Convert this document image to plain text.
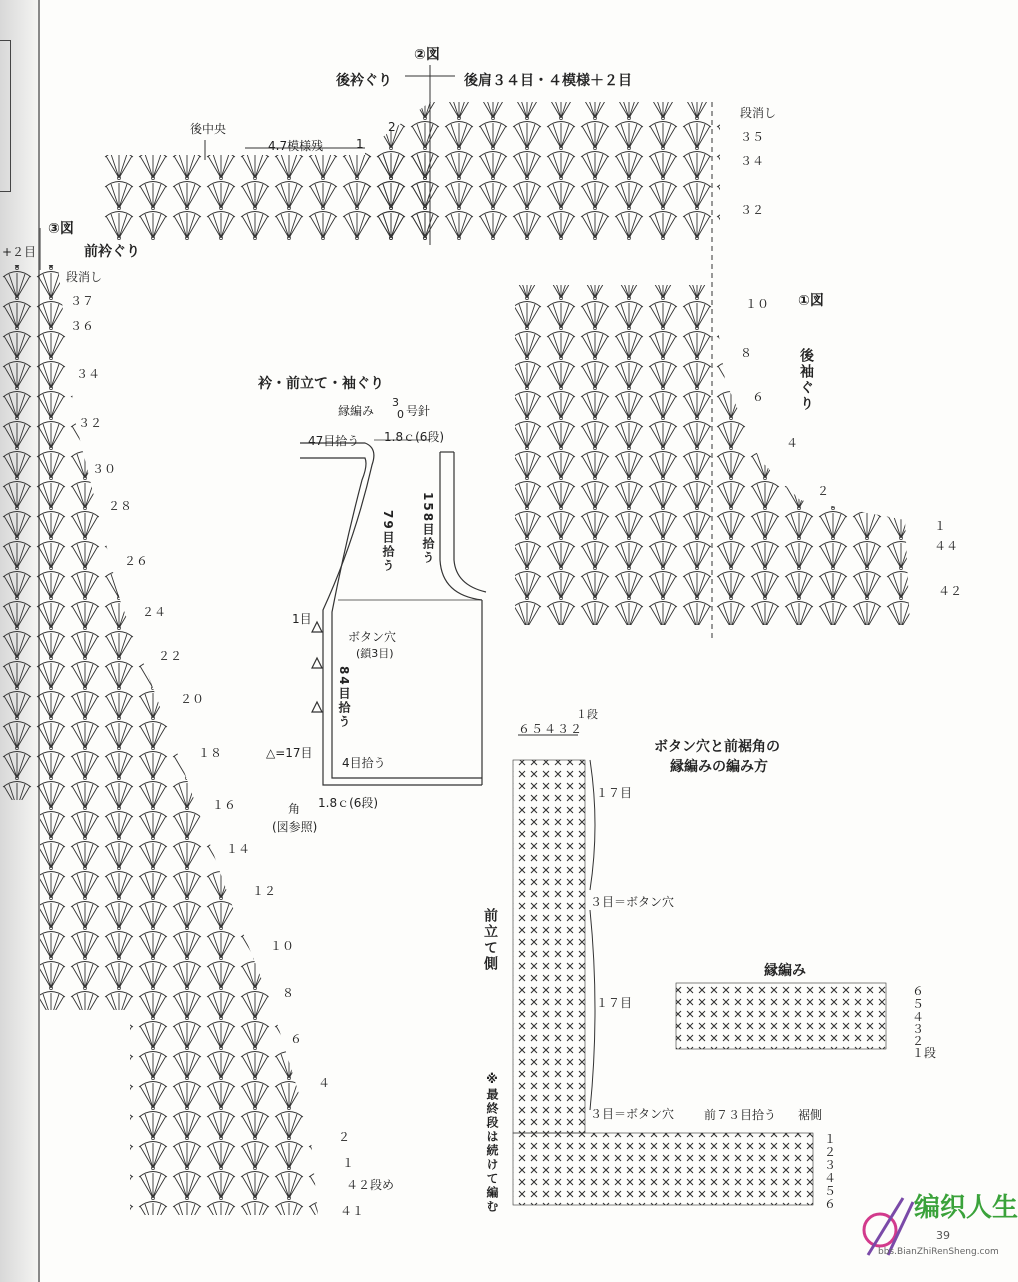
②図
後衿ぐり	後肩３４目・４模様＋２目
後中央
4.7模様残	1
2
段消し
３５
３４
３２
③図
+２目	前衿ぐり
段消し
３７
３６
３４
３２
３０
２８
２６
２４
２２
２０
１８
１６
１４
１２
１０
８
６
４
２
１
４２段め
４１
１０
８
６
４
２
１
４４
４２
①図
後袖ぐり
衿・前立て・袖ぐり
縁編み
3
0 号針
47目拾う 1.8ｃ(6段)
79目拾う 158目拾う
1目
ボタン穴
(鎖3目)
84目拾う
△=17目
4目拾う
1.8ｃ(6段)
角
(図参照)
ボタン穴と前裾角の
縁編みの編み方
６５４３２
１段
１７目
３目＝ボタン穴
１７目
３目＝ボタン穴 前７３目拾う 裾側
前立て側
※最終段は続けて編む	１
２
３
４
５
６
縁編み
６
５
４
３
２
１段
编织人生
bbs.BianZhiRenSheng.com
39
